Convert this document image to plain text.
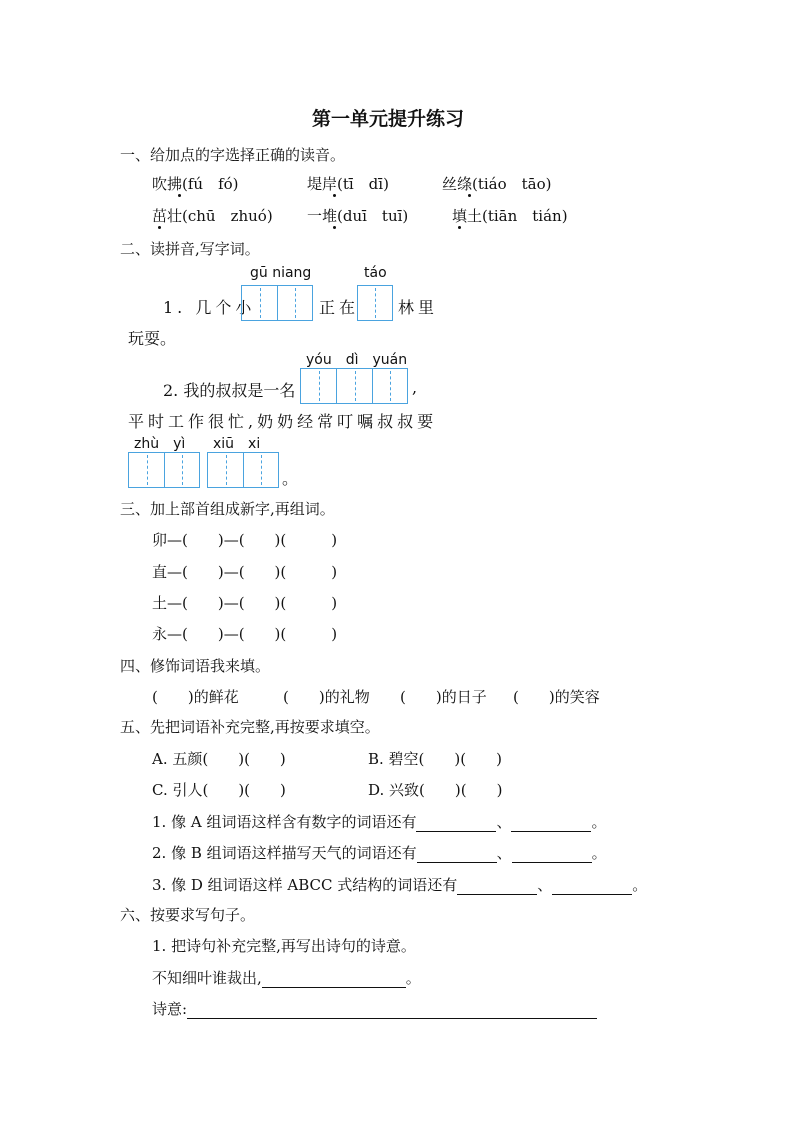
第一单元提升练习
一、给加点的字选择正确的读音。
吹拂(fú　fó)	堤岸(tī　dī)	丝绦(tiáo　tāo)
茁壮(chū　zhuó) 一堆(duī　tuī)	填土(tiān　tián)
二、读拼音,写字词。
gū niang	táo
1. 几个小	正在 林里
玩耍。
yóu　dì　yuán
2. 我的叔叔是一名	,
平时工作很忙,奶奶经常叮嘱叔叔要
zhù　yì xiū　xi
。
三、加上部首组成新字,再组词。
卯—(　　)—(　　)(　　　)
直—(　　)—(　　)(　　　)
土—(　　)—(　　)(　　　)
永—(　　)—(　　)(　　　)
四、修饰词语我来填。
(　　)的鲜花	(　　)的礼物 (　　)的日子 (　　)的笑容
五、先把词语补充完整,再按要求填空。
A. 五颜(　　)(　　)	B. 碧空(　　)(　　)
C. 引人(　　)(　　)	D. 兴致(　　)(　　)
1. 像 A 组词语这样含有数字的词语还有	、	。
2. 像 B 组词语这样描写天气的词语还有	、	。
3. 像 D 组词语这样 ABCC 式结构的词语还有	、	。
六、按要求写句子。
1. 把诗句补充完整,再写出诗句的诗意。
不知细叶谁裁出,	。
诗意:
